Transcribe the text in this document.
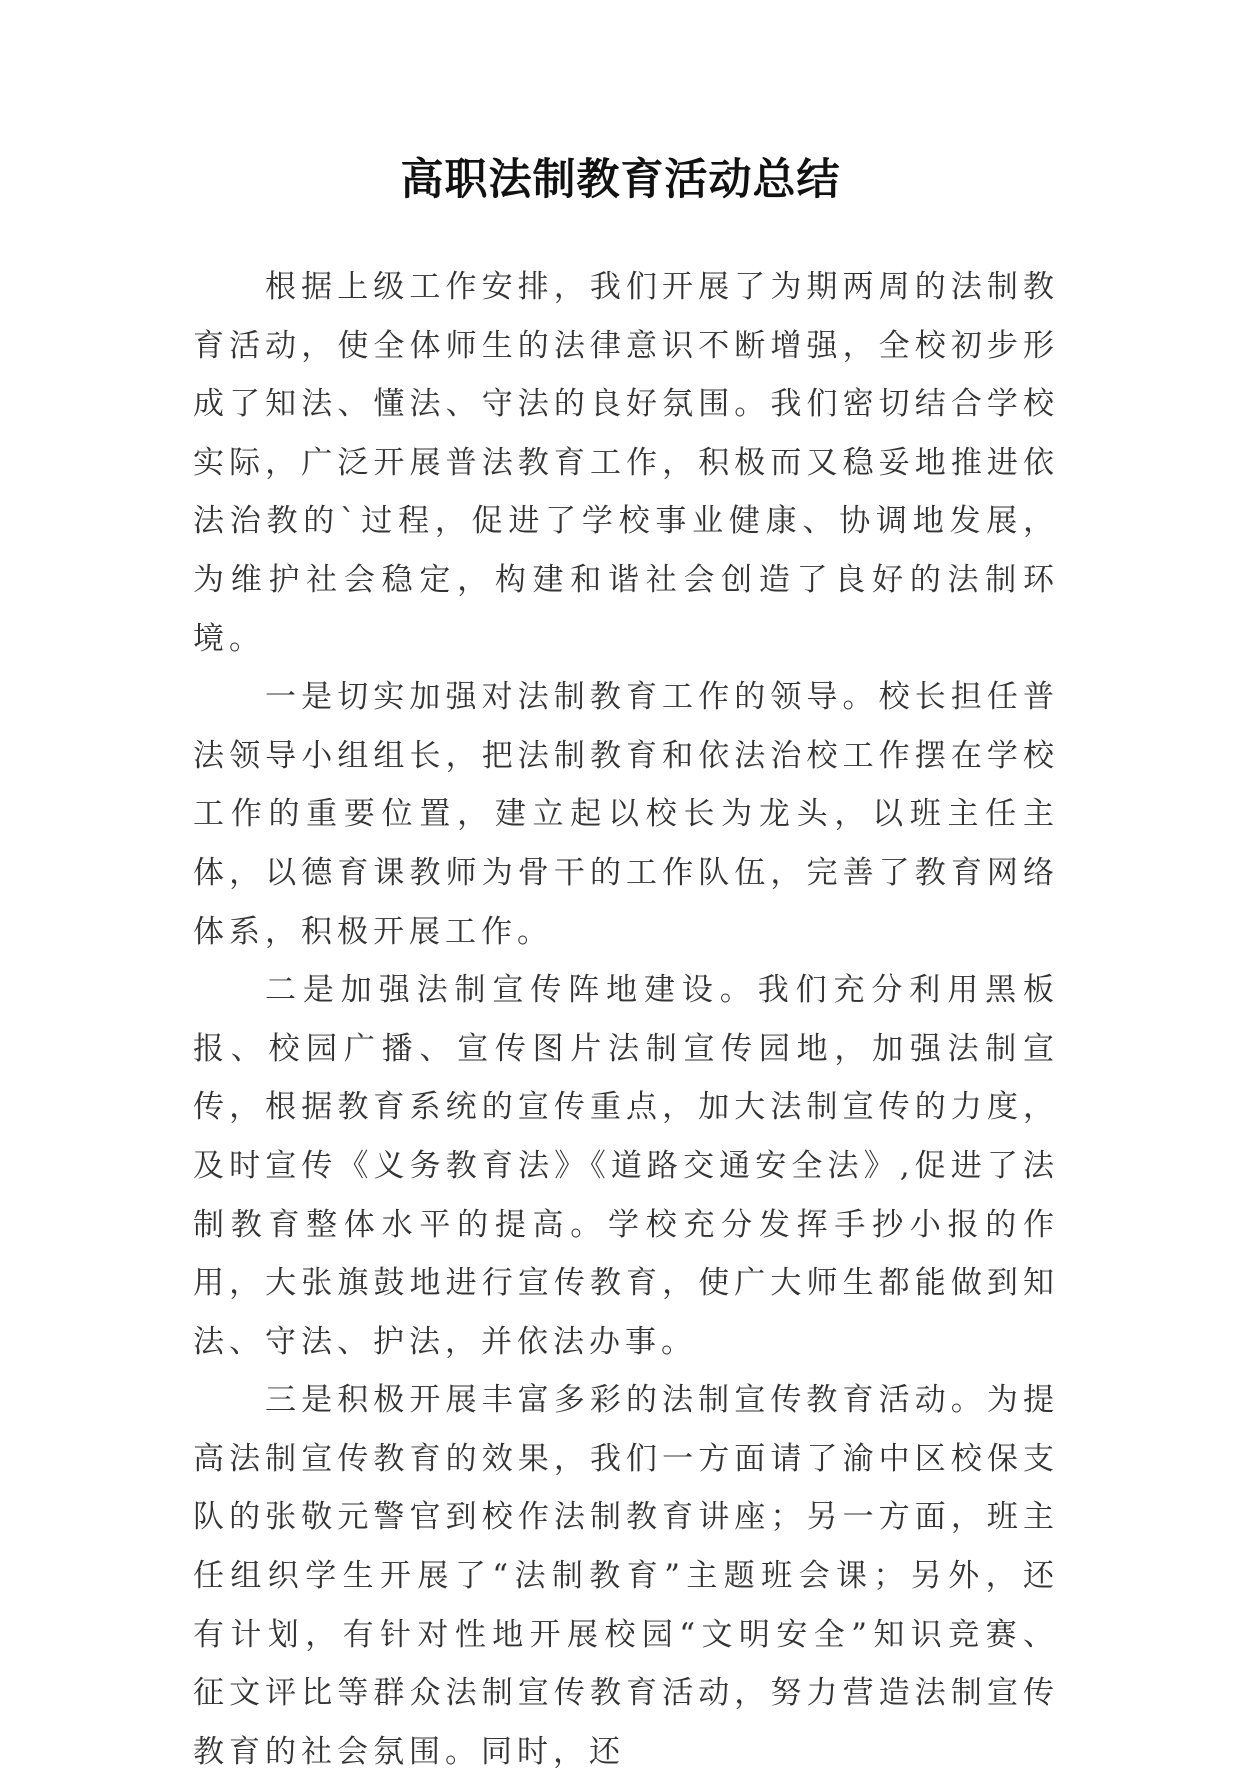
高职法制教育活动总结

根据上级工作安排，我们开展了为期两周的法制教育活动，使全体师生的法律意识不断增强，全校初步形成了知法、懂法、守法的良好氛围。我们密切结合学校实际，广泛开展普法教育工作，积极而又稳妥地推进依法治教的`过程，促进了学校事业健康、协调地发展，为维护社会稳定，构建和谐社会创造了良好的法制环境。

一是切实加强对法制教育工作的领导。校长担任普法领导小组组长，把法制教育和依法治校工作摆在学校工作的重要位置，建立起以校长为龙头，以班主任主体，以德育课教师为骨干的工作队伍，完善了教育网络体系，积极开展工作。

二是加强法制宣传阵地建设。我们充分利用黑板报、校园广播、宣传图片法制宣传园地，加强法制宣传，根据教育系统的宣传重点，加大法制宣传的力度，及时宣传《义务教育法》《道路交通安全法》,促进了法制教育整体水平的提高。学校充分发挥手抄小报的作用，大张旗鼓地进行宣传教育，使广大师生都能做到知法、守法、护法，并依法办事。

三是积极开展丰富多彩的法制宣传教育活动。为提高法制宣传教育的效果，我们一方面请了渝中区校保支队的张敬元警官到校作法制教育讲座；另一方面，班主任组织学生开展了“法制教育”主题班会课；另外，还有计划，有针对性地开展校园“文明安全”知识竞赛、征文评比等群众法制宣传教育活动，努力营造法制宣传教育的社会氛围。同时，还
